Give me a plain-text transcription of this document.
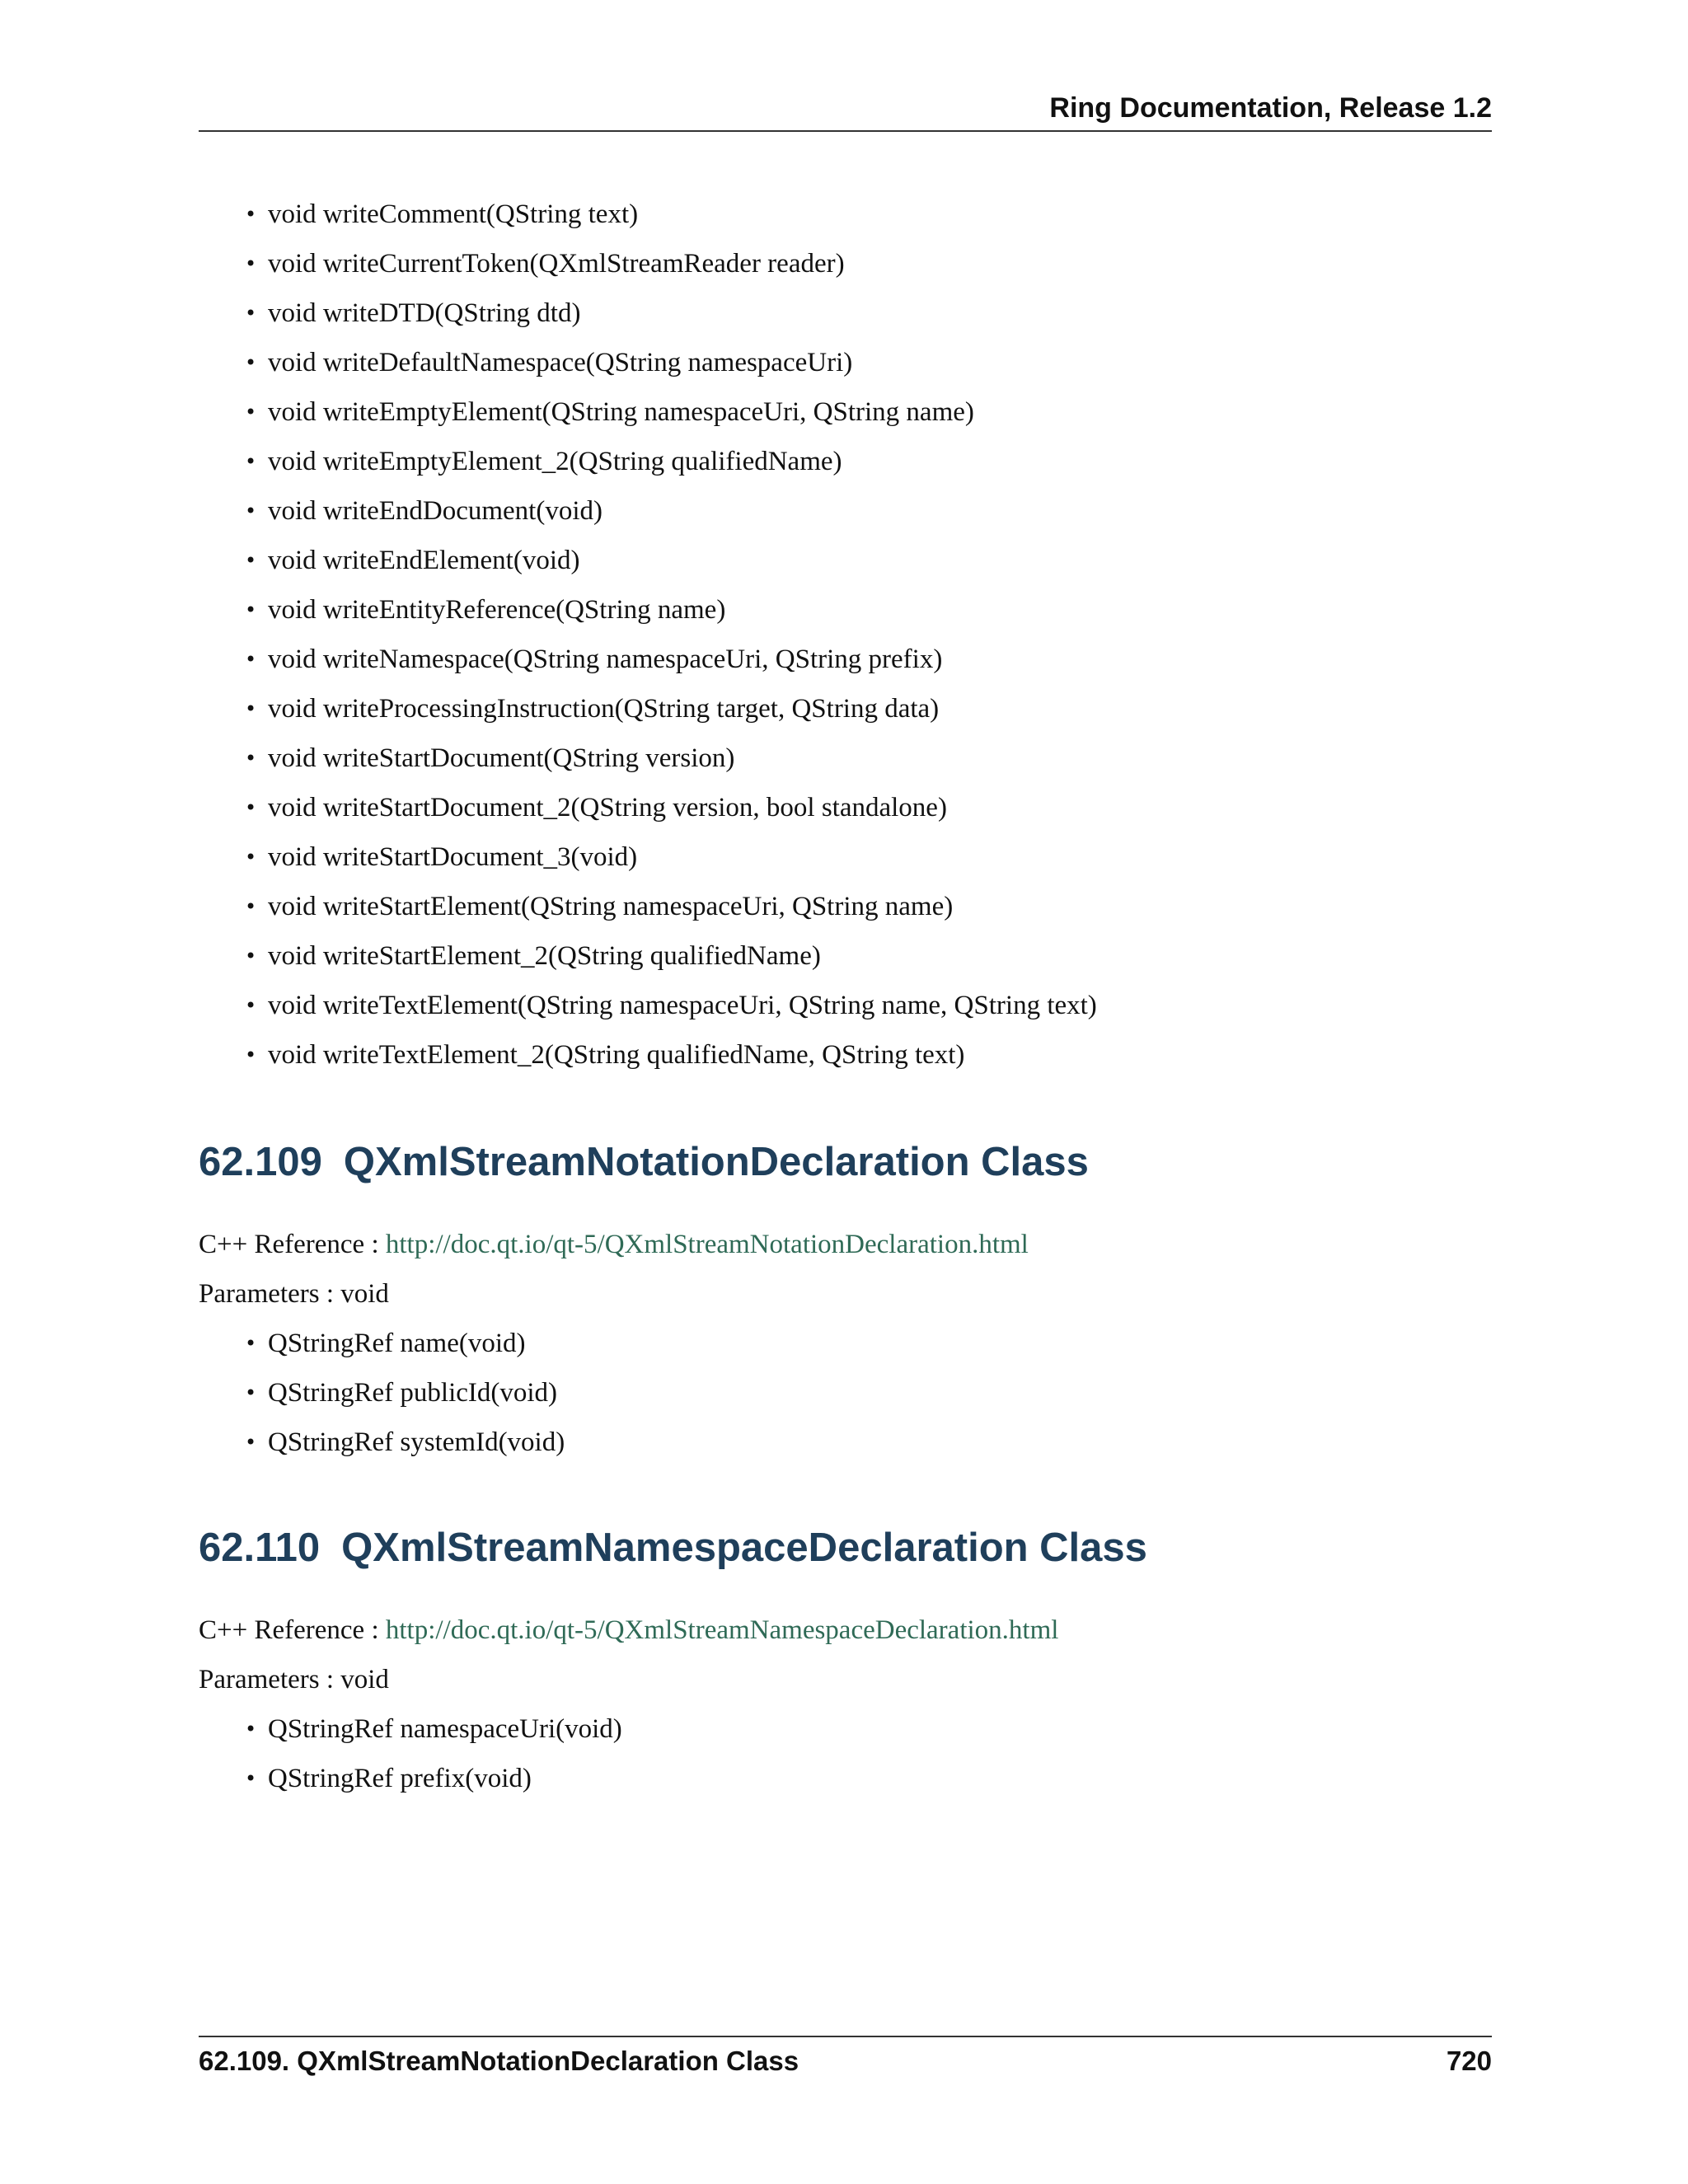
Ring Documentation, Release 1.2
• void writeComment(QString text)
• void writeCurrentToken(QXmlStreamReader reader)
• void writeDTD(QString dtd)
• void writeDefaultNamespace(QString namespaceUri)
• void writeEmptyElement(QString namespaceUri, QString name)
• void writeEmptyElement_2(QString qualifiedName)
• void writeEndDocument(void)
• void writeEndElement(void)
• void writeEntityReference(QString name)
• void writeNamespace(QString namespaceUri, QString prefix)
• void writeProcessingInstruction(QString target, QString data)
• void writeStartDocument(QString version)
• void writeStartDocument_2(QString version, bool standalone)
• void writeStartDocument_3(void)
• void writeStartElement(QString namespaceUri, QString name)
• void writeStartElement_2(QString qualifiedName)
• void writeTextElement(QString namespaceUri, QString name, QString text)
• void writeTextElement_2(QString qualifiedName, QString text)
62.109 QXmlStreamNotationDeclaration Class
C++ Reference : http://doc.qt.io/qt-5/QXmlStreamNotationDeclaration.html
Parameters : void
• QStringRef name(void)
• QStringRef publicId(void)
• QStringRef systemId(void)
62.110 QXmlStreamNamespaceDeclaration Class
C++ Reference : http://doc.qt.io/qt-5/QXmlStreamNamespaceDeclaration.html
Parameters : void
• QStringRef namespaceUri(void)
• QStringRef prefix(void)
62.109. QXmlStreamNotationDeclaration Class	720
